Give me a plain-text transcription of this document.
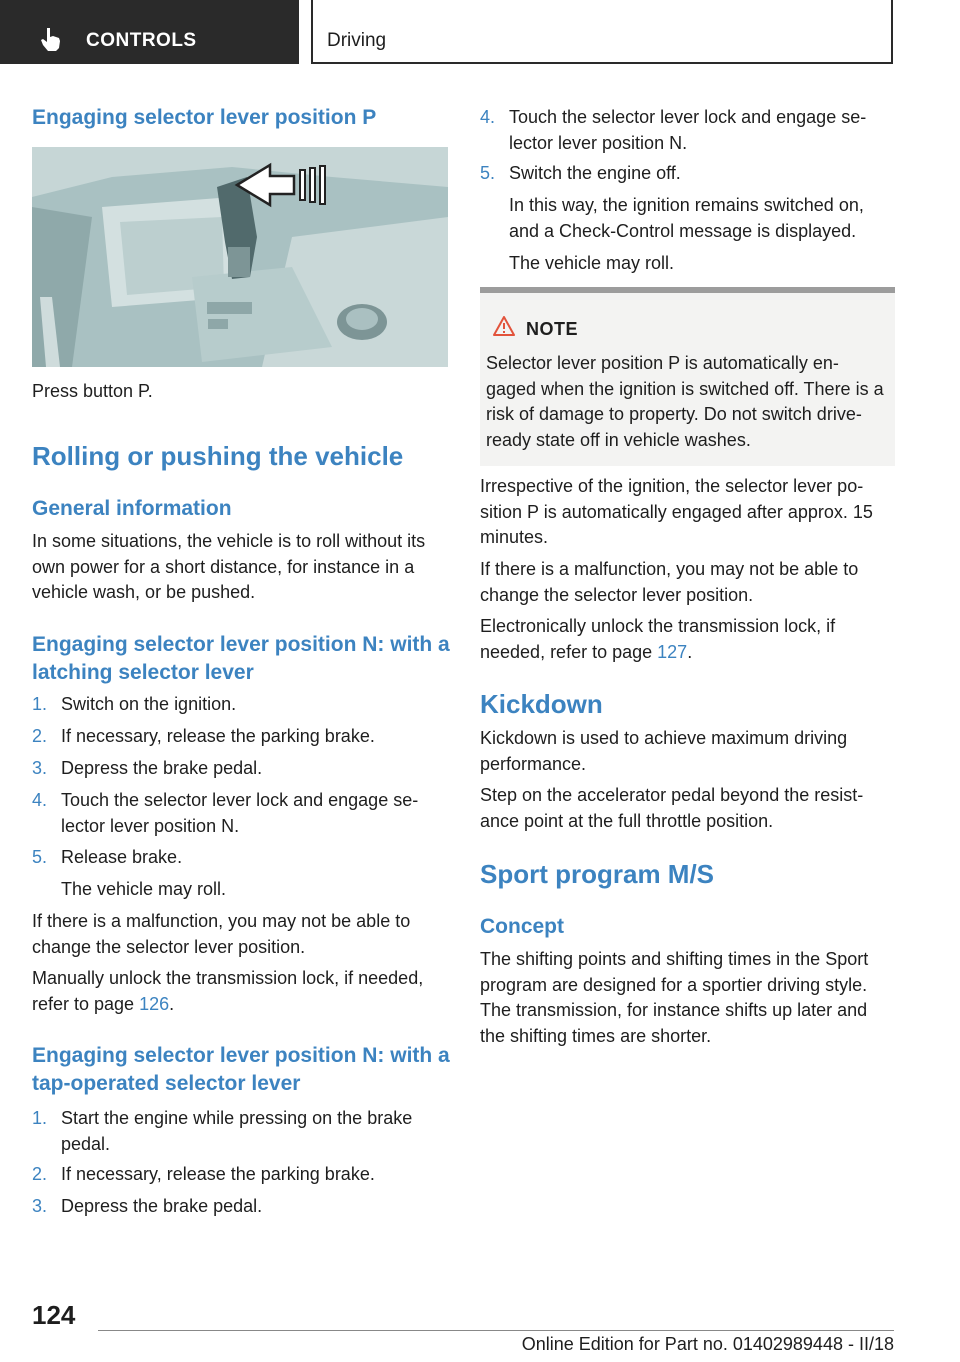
CONTROLS	Driving
Engaging selector lever position P

Press button P.

Rolling or pushing the vehicle
General information

In some situations, the vehicle is to roll without its own power for a short distance, for instance in a vehicle wash, or be pushed.

Engaging selector lever position N: with a latching selector lever
1. Switch on the ignition.
2. If necessary, release the parking brake.
3. Depress the brake pedal.
4. Touch the selector lever lock and engage se‐ lector lever position N.
5. Release brake.
The vehicle may roll.

If there is a malfunction, you may not be able to change the selector lever position.

Manually unlock the transmission lock, if needed, refer to page 126.

Engaging selector lever position N: with a tap-operated selector lever
1. Start the engine while pressing on the brake pedal.
2. If necessary, release the parking brake.
3. Depress the brake pedal.
4. Touch the selector lever lock and engage se‐ lector lever position N.
5. Switch the engine off.
In this way, the ignition remains switched on, and a Check-Control message is displayed.
The vehicle may roll.
NOTE
Selector lever position P is automatically en‐ gaged when the ignition is switched off. There is a risk of damage to property. Do not switch drive-ready state off in vehicle washes.

Irrespective of the ignition, the selector lever po‐ sition P is automatically engaged after approx. 15 minutes.

If there is a malfunction, you may not be able to change the selector lever position.

Electronically unlock the transmission lock, if needed, refer to page 127.

Kickdown

Kickdown is used to achieve maximum driving performance.

Step on the accelerator pedal beyond the resist‐ ance point at the full throttle position.

Sport program M/S
Concept

The shifting points and shifting times in the Sport program are designed for a sportier driving style. The transmission, for instance shifts up later and the shifting times are shorter.

124
Online Edition for Part no. 01402989448 - II/18
